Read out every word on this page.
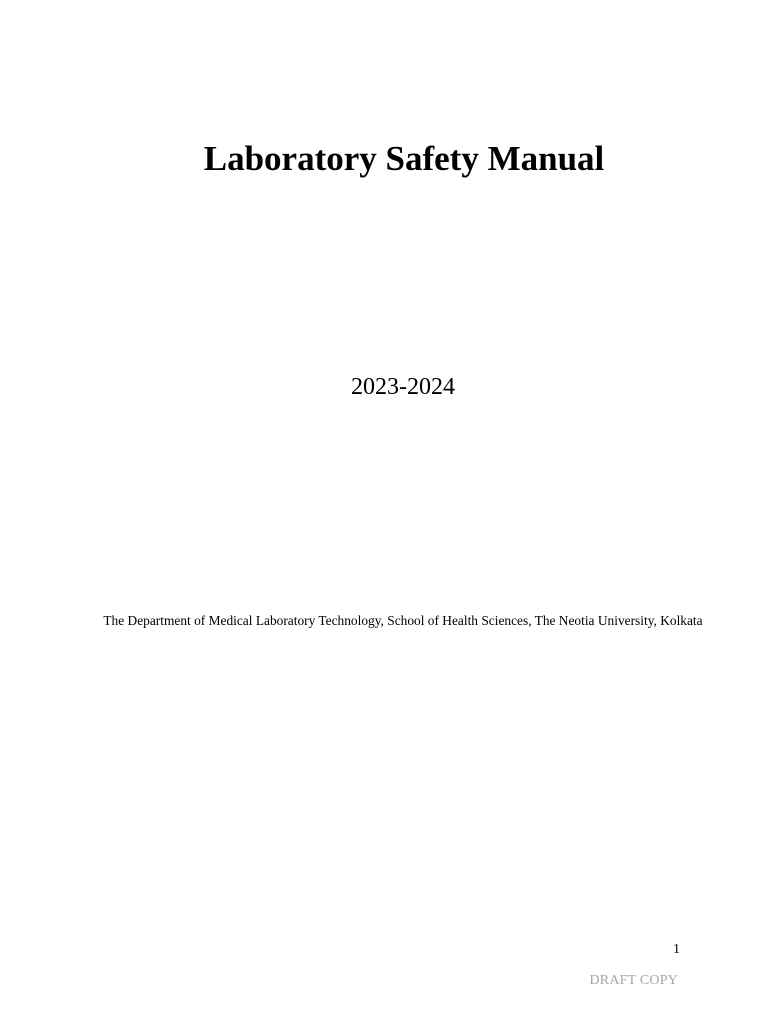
Laboratory Safety Manual
2023-2024
The Department of Medical Laboratory Technology, School of Health Sciences, The Neotia University, Kolkata
1
DRAFT COPY
